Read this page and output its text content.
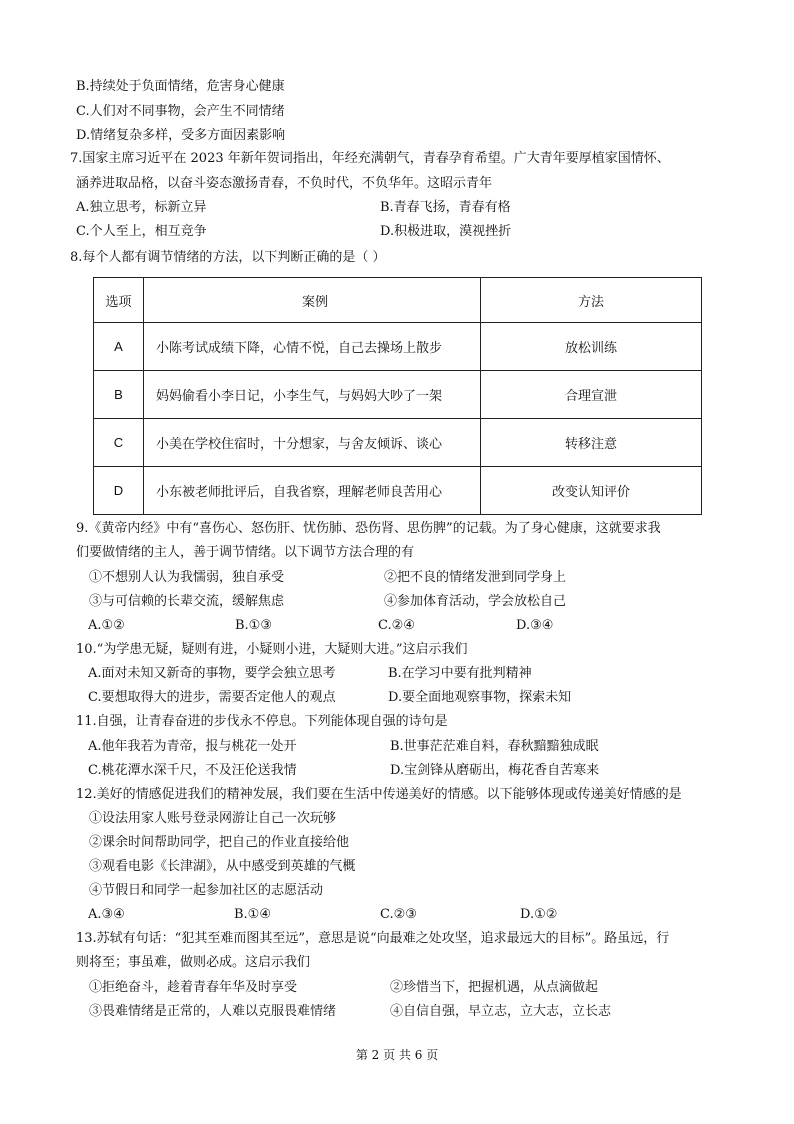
B.持续处于负面情绪，危害身心健康
C.人们对不同事物，会产生不同情绪
D.情绪复杂多样，受多方面因素影响
7.国家主席习近平在 2023 年新年贺词指出，年经充满朝气，青春孕育希望。广大青年要厚植家国情怀、
涵养进取品格，以奋斗姿态激扬青春，不负时代，不负华年。这昭示青年
A.独立思考，标新立异	B.青春飞扬，青春有格
C.个人至上，相互竞争	D.积极进取，漠视挫折
8.每个人都有调节情绪的方法，以下判断正确的是（ ）
选项	案例	方法
A	小陈考试成绩下降，心情不悦，自己去操场上散步	放松训练
B	妈妈偷看小李日记，小李生气，与妈妈大吵了一架	合理宣泄
C	小美在学校住宿时，十分想家，与舍友倾诉、谈心	转移注意
D	小东被老师批评后，自我省察，理解老师良苦用心	改变认知评价
9.《黄帝内经》中有“喜伤心、怒伤肝、忧伤肺、恐伤肾、思伤脾”的记载。为了身心健康，这就要求我
们要做情绪的主人，善于调节情绪。以下调节方法合理的有
①不想别人认为我懦弱，独自承受	②把不良的情绪发泄到同学身上
③与可信赖的长辈交流，缓解焦虑	④参加体育活动，学会放松自己
A.①②	B.①③	C.②④	D.③④
10.“为学患无疑，疑则有进，小疑则小进，大疑则大进。”这启示我们
A.面对未知又新奇的事物，要学会独立思考	B.在学习中要有批判精神
C.要想取得大的进步，需要否定他人的观点	D.要全面地观察事物，探索未知
11.自强，让青春奋进的步伐永不停息。下列能体现自强的诗句是
A.他年我若为青帝，报与桃花一处开	B.世事茫茫难自料，春秋黯黯独成眠
C.桃花潭水深千尺，不及汪伦送我情	D.宝剑锋从磨砺出，梅花香自苦寒来
12.美好的情感促进我们的精神发展，我们要在生活中传递美好的情感。以下能够体现或传递美好情感的是
①设法用家人账号登录网游让自己一次玩够
②课余时间帮助同学，把自己的作业直接给他
③观看电影《长津湖》，从中感受到英雄的气概
④节假日和同学一起参加社区的志愿活动
A.③④	B.①④	C.②③	D.①②
13.苏轼有句话：“犯其至难而图其至远”，意思是说“向最难之处攻坚，追求最远大的目标”。路虽远，行
则将至；事虽难，做则必成。这启示我们
①拒绝奋斗，趁着青春年华及时享受	②珍惜当下，把握机遇，从点滴做起
③畏难情绪是正常的，人难以克服畏难情绪	④自信自强，早立志，立大志，立长志
第 2 页 共 6 页
